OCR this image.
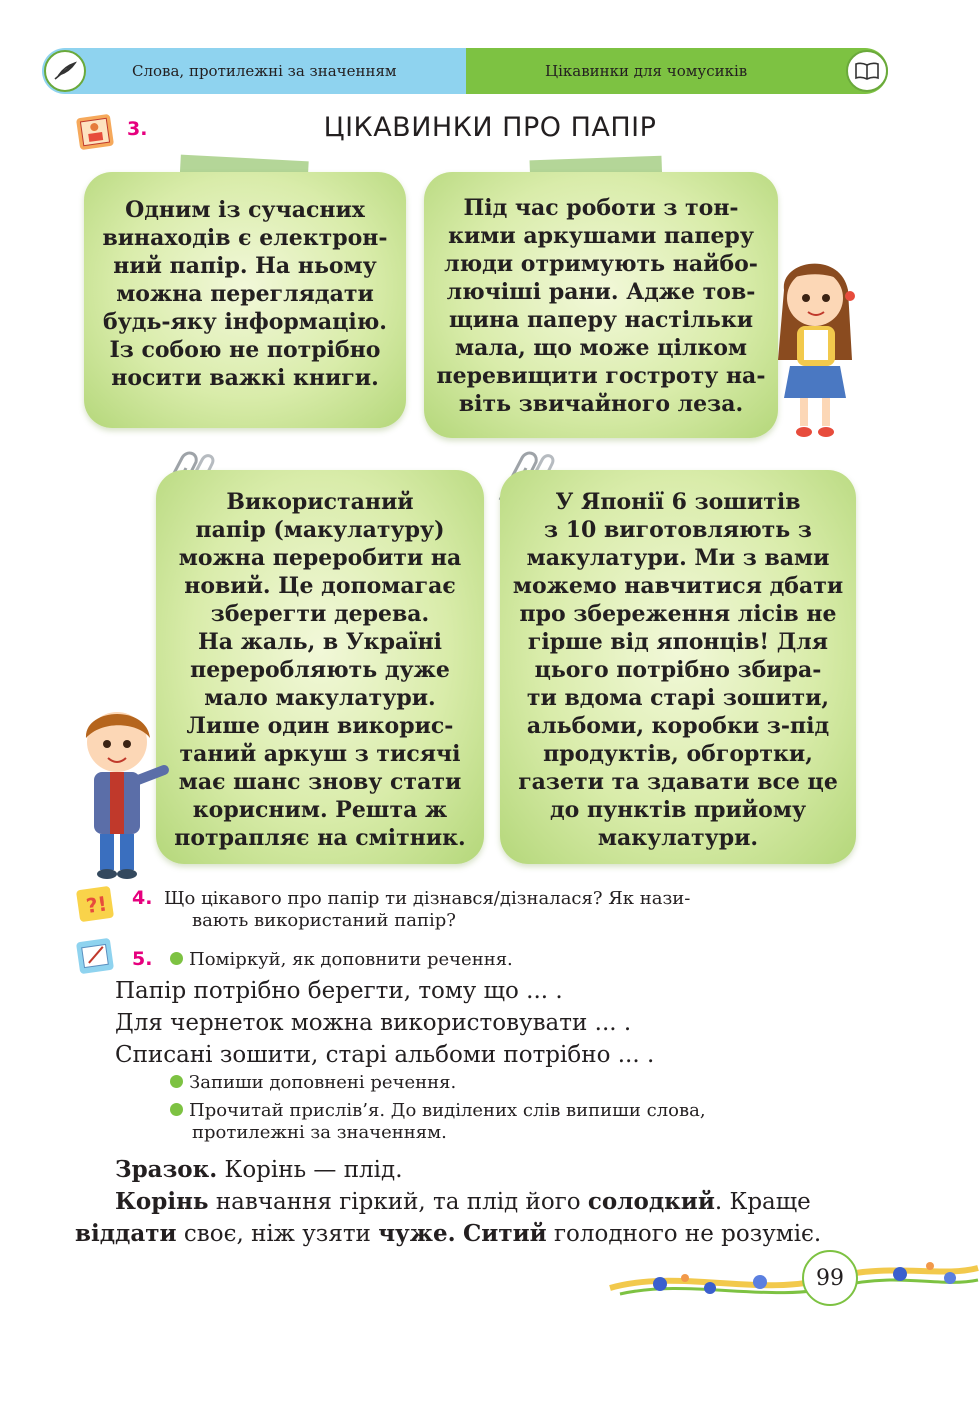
Слова, протилежні за значенням	Цікавинки для чомусиків
3.	ЦІКАВИНКИ ПРО ПАПІР
Одним із сучасних
винаходів є електрон-
ний папір. На ньому
можна переглядати
будь-яку інформацію.
Із собою не потрібно
носити важкі книги.
Під час роботи з тон-
кими аркушами паперу
люди отримують найбо-
лючіші рани. Адже тов-
щина паперу настільки
мала, що може цілком
перевищити гостроту на-
віть звичайного леза.
Використаний
папір (макулатуру)
можна переробити на
новий. Це допомагає
зберегти дерева.
На жаль, в Україні
переробляють дуже
мало макулатури.
Лише один викорис-
таний аркуш з тисячі
має шанс знову стати
корисним. Решта ж
потрапляє на смітник.
У Японії 6 зошитів
з 10 виготовляють з
макулатури. Ми з вами
можемо навчитися дбати
про збереження лісів не
гірше від японців! Для
цього потрібно збира-
ти вдома старі зошити,
альбоми, коробки з-під
продуктів, обгортки,
газети та здавати все це
до пунктів прийому
макулатури.
?! 4. Що цікавого про папір ти дізнався/дізналася? Як нази-
вають використаний папір?
5.	Поміркуй, як доповнити речення.
Папір потрібно берегти, тому що ... .
Для чернеток можна використовувати ... .
Списані зошити, старі альбоми потрібно ... .
Запиши доповнені речення.
Прочитай прислів’я. До виділених слів випиши слова,
протилежні за значенням.
Зразок. Корінь — плід.
Корінь навчання гіркий, та плід його солодкий. Краще
віддати своє, ніж узяти чуже. Ситий голодного не розуміє.
99
